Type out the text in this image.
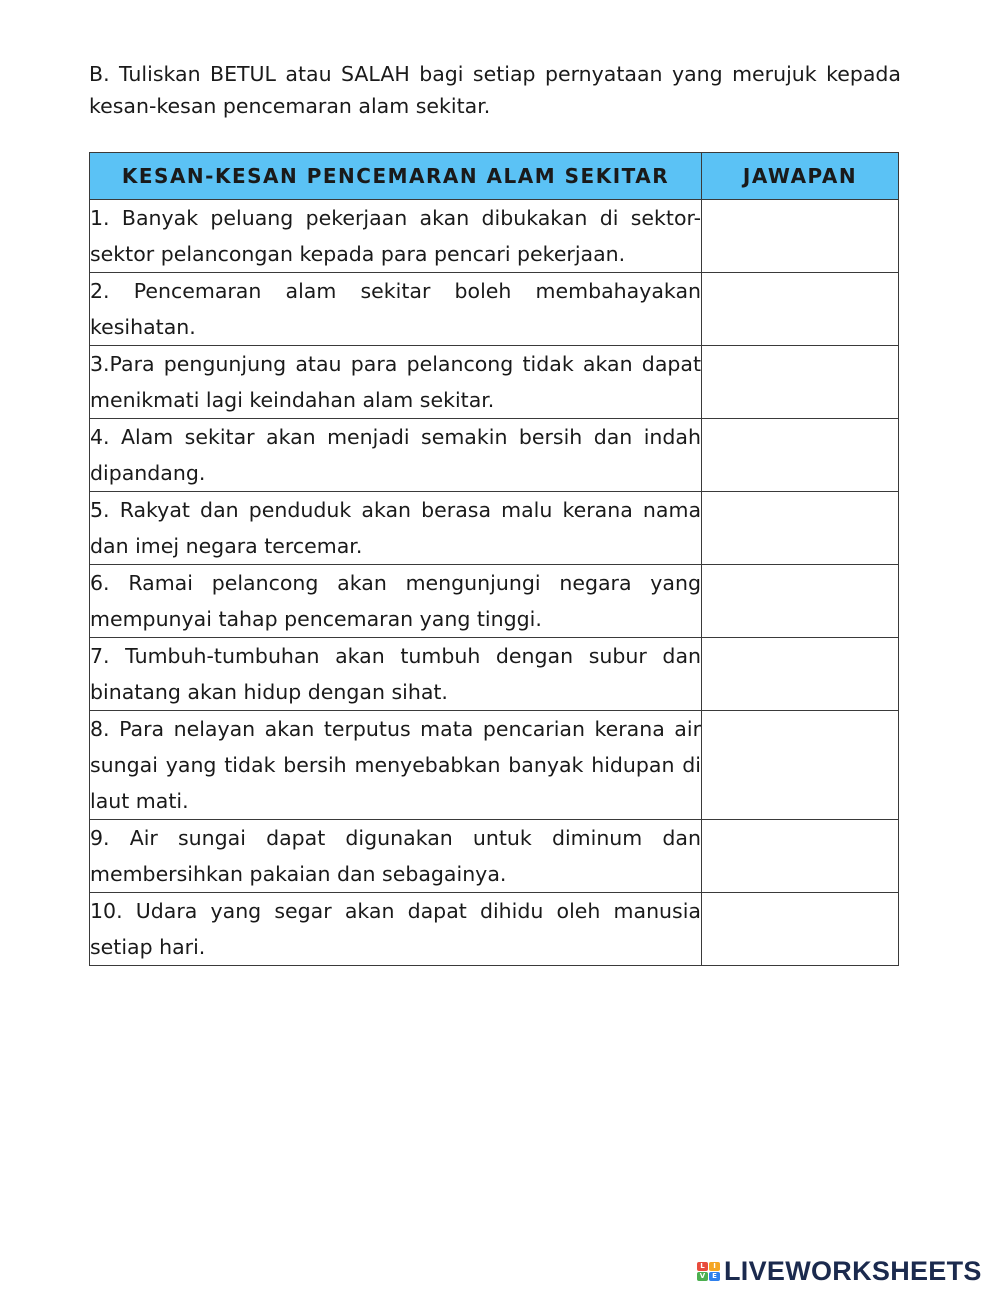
B. Tuliskan BETUL atau SALAH bagi setiap pernyataan yang merujuk kepada kesan-kesan pencemaran alam sekitar.

KESAN-KESAN PENCEMARAN ALAM SEKITAR	JAWAPAN
1. Banyak peluang pekerjaan akan dibukakan di sektor-sektor pelancongan kepada para pencari pekerjaan.	
2. Pencemaran alam sekitar boleh membahayakan kesihatan.	
3.Para pengunjung atau para pelancong tidak akan dapat menikmati lagi keindahan alam sekitar.	
4. Alam sekitar akan menjadi semakin bersih dan indah dipandang.	
5. Rakyat dan penduduk akan berasa malu kerana nama dan imej negara tercemar.	
6. Ramai pelancong akan mengunjungi negara yang mempunyai tahap pencemaran yang tinggi.	
7. Tumbuh-tumbuhan akan tumbuh dengan subur dan binatang akan hidup dengan sihat.	
8. Para nelayan akan terputus mata pencarian kerana air sungai yang tidak bersih menyebabkan banyak hidupan di laut mati.	
9. Air sungai dapat digunakan untuk diminum dan membersihkan pakaian dan sebagainya.	
10. Udara yang segar akan dapat dihidu oleh manusia setiap hari.	
L	I
V E LIVEWORKSHEETS
